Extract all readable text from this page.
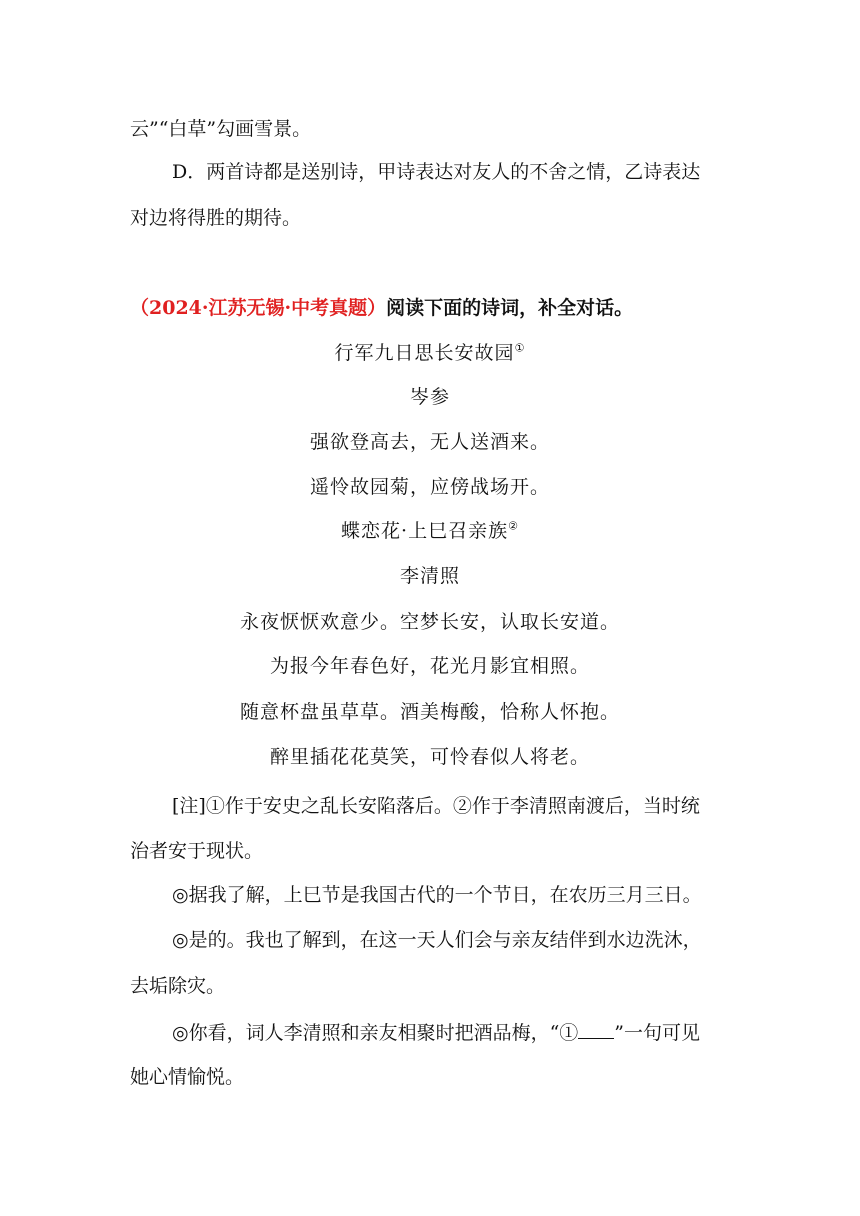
云”“白草”勾画雪景。
D．两首诗都是送别诗，甲诗表达对友人的不舍之情，乙诗表达
对边将得胜的期待。
（2024·江苏无锡·中考真题）阅读下面的诗词，补全对话。
行军九日思长安故园①
岑参
强欲登高去，无人送酒来。
遥怜故园菊，应傍战场开。
蝶恋花·上巳召亲族②
李清照
永夜恹恹欢意少。空梦长安，认取长安道。
为报今年春色好，花光月影宜相照。
随意杯盘虽草草。酒美梅酸，恰称人怀抱。
醉里插花花莫笑，可怜春似人将老。
[注]①作于安史之乱长安陷落后。②作于李清照南渡后，当时统
治者安于现状。
◎据我了解，上巳节是我国古代的一个节日，在农历三月三日。
◎是的。我也了解到，在这一天人们会与亲友结伴到水边洗沐，
去垢除灾。
◎你看，词人李清照和亲友相聚时把酒品梅，“① ”一句可见
她心情愉悦。
